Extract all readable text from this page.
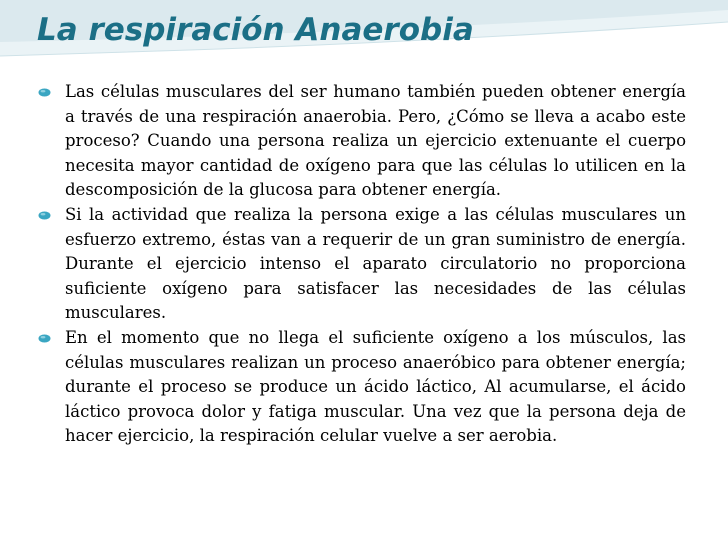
La respiración Anaerobia
Las células musculares del ser humano también pueden obtener energía a través de una respiración anaerobia. Pero, ¿Cómo se lleva a acabo este proceso? Cuando una persona realiza un ejercicio extenuante el cuerpo necesita mayor cantidad de oxígeno para que las células lo utilicen en la descomposición de la glucosa para obtener energía.
Si la actividad que realiza la persona exige a las células musculares un esfuerzo extremo, éstas van a requerir de un gran suministro de energía. Durante el ejercicio intenso el aparato circulatorio no proporciona suficiente oxígeno para satisfacer las necesidades de las células musculares.
En el momento que no llega el suficiente oxígeno a los músculos, las células musculares realizan un proceso anaeróbico para obtener energía; durante el proceso se produce un ácido láctico, Al acumularse, el ácido láctico provoca dolor y fatiga muscular. Una vez que la persona deja de hacer ejercicio, la respiración celular vuelve a ser aerobia.
